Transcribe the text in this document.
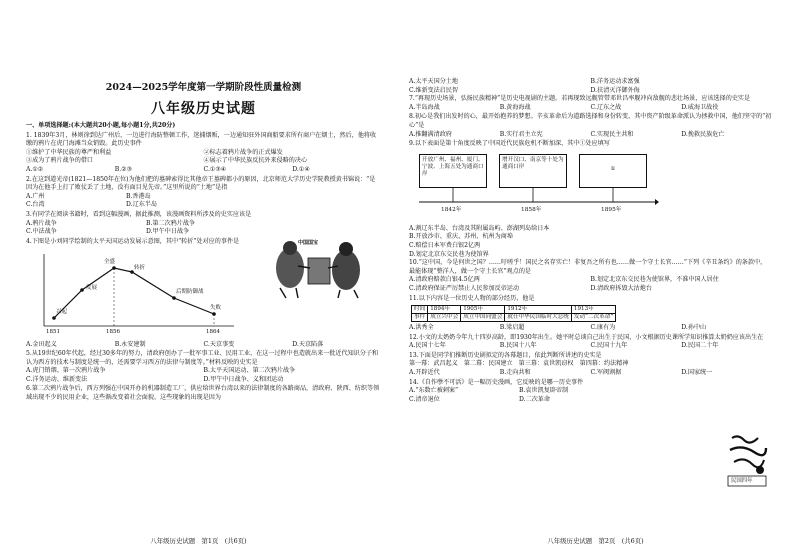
2024—2025学年度第一学期阶段性质量检测
八年级历史试题
一、单项选择题:(本大题共20小题,每小题1分,共20分)
1. 1839年3月，林则徐到达广州后，一边进行海防整顿工作，迷捕烟贩，一边通知驻外国商船要求所有商户在烟土，然后，他将收缴的鸦片在虎门海滩当众销毁。此历史事件
①维护了中华民族的尊严和利益	②标志着鸦片战争的正式爆发
③成为了鸦片战争的借口	④展示了中华民族反抗外来侵略的决心
A.①②	B.②③	C.①③④	D.①④
2.在这到道光帝(1821—1850年在位)为他们把的墓碑索得比其他帝王墓碑都小的原因，北京师范大学历史学院教授黄书锦说：“是因为在他手上打了败仗丢了土地，没有面目见先帝。”这里所说的“土地”是指
A.广州	B.香港岛
C.台湾	D.辽东半岛
3.有同学在阅读书籍时，看到这幅漫画，据此推测，该漫画资料所涉及的史实应该是
A.鸦片战争	B.第二次鸦片战争
C.中法战争	D.甲午中日战争
4.下图是小刘同学绘制的太平天国运动发展示意图，其中“转折”处对应的事件是
兴起
发展
全盛
转折
后期防御战
失败
1851	1856	1864
A.金田起义	B.永安建制	C.天京事变	D.天京陷落
5.从19世纪60年代起，经过30多年的努力，清政府创办了一批军事工业、民用工业，在这一过程中也造就出来一批近代知识分子和认为西方的技术与制度是统一的，还需要学习西方的法律与制度等。”材料反映的史实是
A.虎门销烟、第一次鸦片战争	B.太平天国运动、第二次鸦片战争
C.洋务运动、维新变法	D.甲午中日战争、义和团运动
6.第二次鸦片战争后，西方列强在中国开办的机器制造工厂，供应给世界台湾以来的法律制度的各路商品，清政府、陕西、纺织等领域出现不少的民用企业，这些渐改变着社会面貌，这些现象的出现是因为
八年级历史试题　第1页　(共6页)
中国国宝
A.太平天国分土地	B.洋务运动求富强
C.维新变法启民智	D.扶清灭洋御外侮
7.“再现历史场景，弘扬民族精神”是历史电视剧的主题。若再现致远舰管带邓世昌率舰冲向敌舰的悲壮场景，应该选择的史实是
A.半岛海战	B.黄海海战	C.辽东之战	D.威海卫战役
8.初心是我们出发时的心，最开始抱养的梦想。辛亥革命后为道路选择和身份转变，其中资产阶级革命派认为拯救中国，他们坚守的“初心”是
A.推翻满清政府	B.实行君主立宪	C.实现民主共和	D.挽救民族危亡
9.以下表面是第十角度反映了中国近代民族危机不断加深，其中①处应填写
开放广州、福州、厦门、宁波、上海五处为通商口岸
增开汉口、南京等十处为通商口岸	①
1842年	1858年	1895年
A.割辽东半岛、台湾及其附属岛屿、澎湖列岛给日本
B.开放沙市、重庆、苏州、杭州为商埠
C.赔偿日本军费白银2亿两
D.划定北京东交民巷为使馆界
10.“这中国，今是何世之国？……吁嗟乎！国民之名存实亡！非复吾之所有也……做一个守士长官……”下列《辛丑条约》的条款中，最能体现“整洋人，做一个守土长官”观点的是
A.清政府赔款白银4.5亿两	B.划定北京东交民巷为使馆界，不准中国人居住
C.清政府保证严厉禁止人民参加反帝运动	D.清政府拆毁大沽炮台
11.以下内容是一位历史人物的部分经历，他是
时间	1894年	1905年	1912年	1913年
事件	成立兴中会	成立中国同盟会	就任中华民国临时大总统	发动“二次革命”
A.洪秀全	B.梁启超	C.康有为	D.孙中山
12.小文的太奶奶今年九十四岁高龄，即1930年出生。她平时总谈自己出生于民国，小文根据历史课所学知识推算太奶奶应该出生在
A.民国十七年	B.民国十八年	C.民国十九年	D.民国二十年
13.下面是同学们推断历史剧拟定的各幕题目，依此判断所讲述的史实是
第一幕：武昌起义　第二幕：民国建立　第三幕：袁世凯窃权　第四幕：约法精神
A.开辟近代	B.走向共和	C.军阀割据	D.国家统一
14.《自作孽不可活》是一幅历史漫画，它反映的是哪一历史事件
A.“东数亡被刺案”	B.袁世凯复辟帝制
C.清帝退位	D.二次革命
民国四年
八年级历史试题　第2页　(共6页)
